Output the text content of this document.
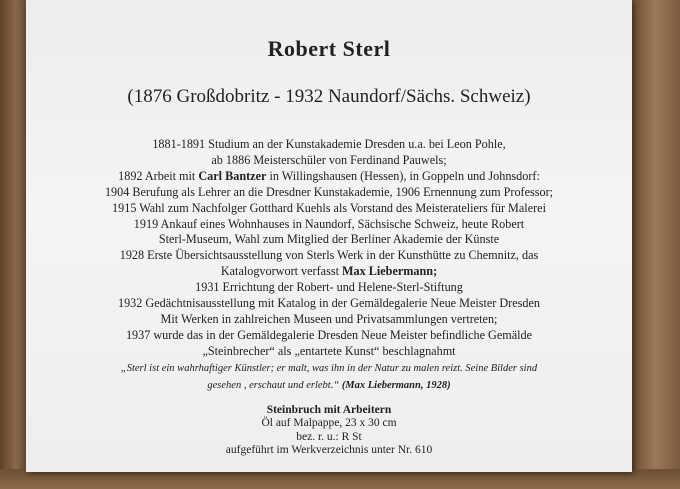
Robert Sterl
(1876 Großdobritz - 1932 Naundorf/Sächs. Schweiz)
1881-1891 Studium an der Kunstakademie Dresden u.a. bei Leon Pohle,
ab 1886 Meisterschüler von Ferdinand Pauwels;
1892 Arbeit mit Carl Bantzer in Willingshausen (Hessen), in Goppeln und Johnsdorf:
1904 Berufung als Lehrer an die Dresdner Kunstakademie, 1906 Ernennung zum Professor;
1915 Wahl zum Nachfolger Gotthard Kuehls als Vorstand des Meisterateliers für Malerei
1919 Ankauf eines Wohnhauses in Naundorf, Sächsische Schweiz, heute Robert
Sterl-Museum, Wahl zum Mitglied der Berliner Akademie der Künste
1928 Erste Übersichtsausstellung von Sterls Werk in der Kunsthütte zu Chemnitz, das
Katalogvorwort verfasst Max Liebermann;
1931 Errichtung der Robert- und Helene-Sterl-Stiftung
1932 Gedächtnisausstellung mit Katalog in der Gemäldegalerie Neue Meister Dresden
Mit Werken in zahlreichen Museen und Privatsammlungen vertreten;
1937 wurde das in der Gemäldegalerie Dresden Neue Meister befindliche Gemälde
„Steinbrecher“ als „entartete Kunst“ beschlagnahmt
„Sterl ist ein wahrhaftiger Künstler; er malt, was ihn in der Natur zu malen reizt. Seine Bilder sind
gesehen , erschaut und erlebt.“ (Max Liebermann, 1928)
Steinbruch mit Arbeitern
Öl auf Malpappe, 23 x 30 cm
bez. r. u.: R St
aufgeführt im Werkverzeichnis unter Nr. 610
